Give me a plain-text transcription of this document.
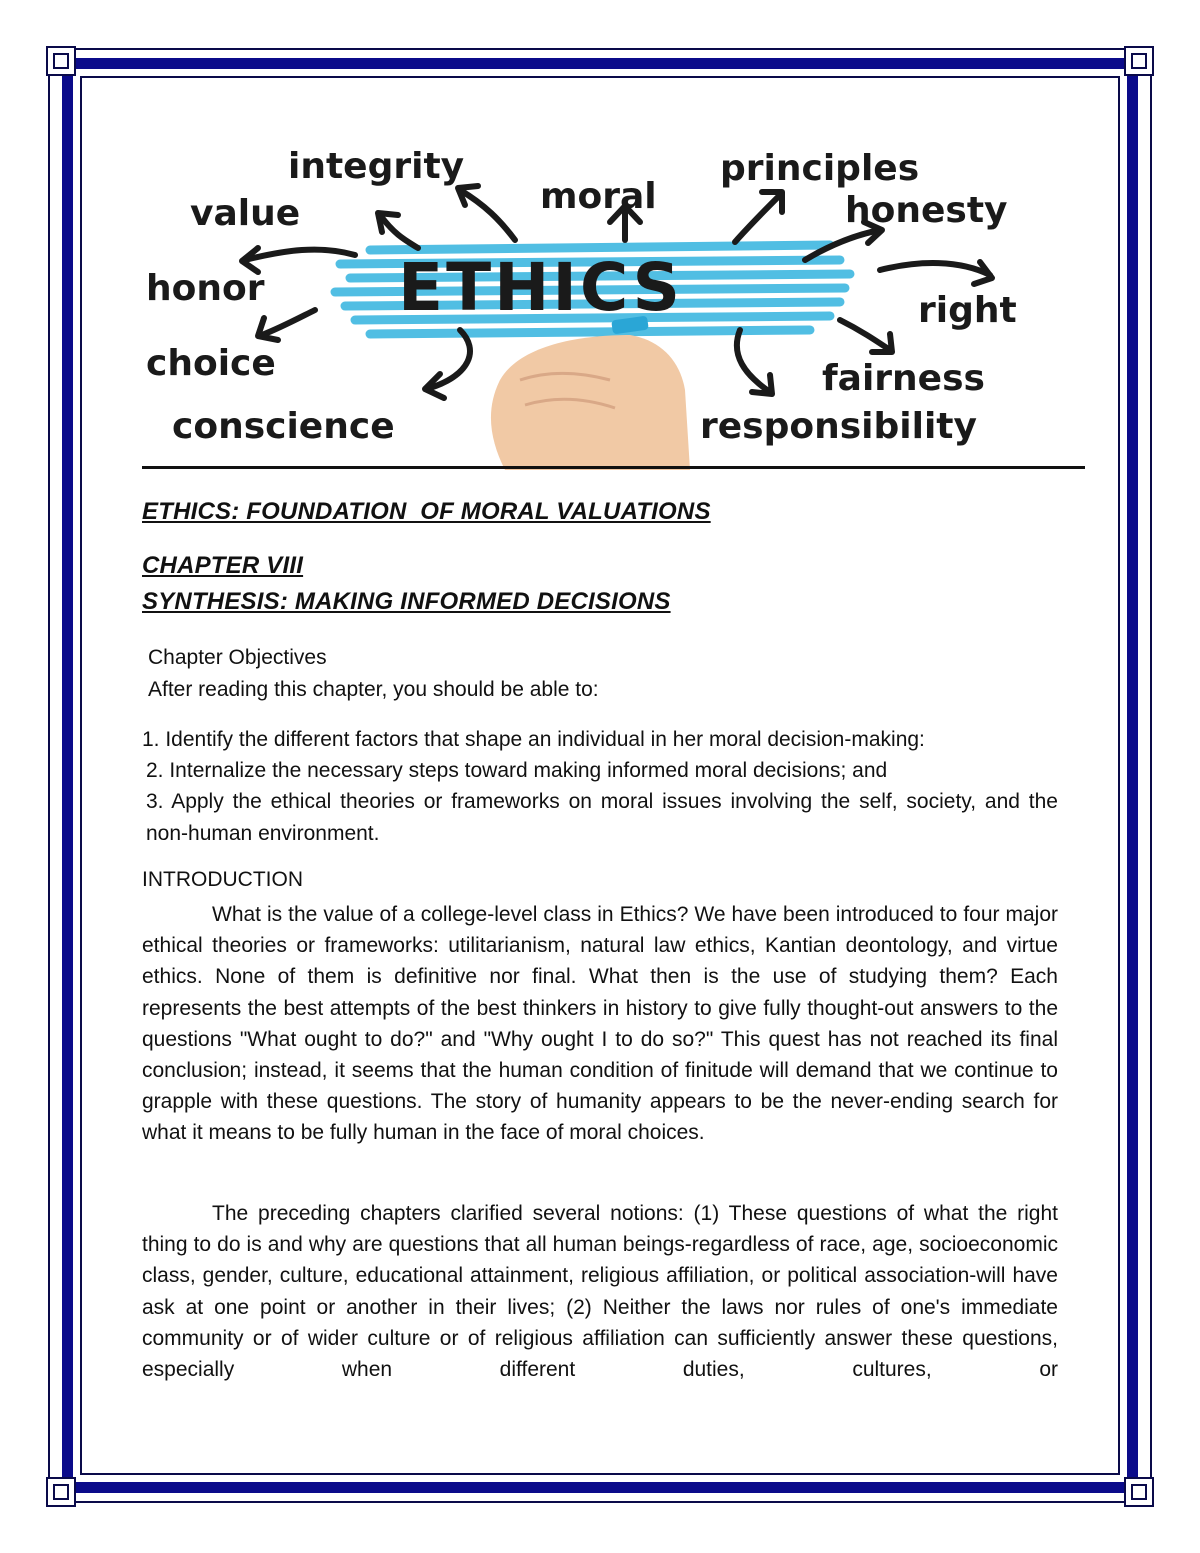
ETHICS
integrity
moral
principles
value	honesty
honor
right
choice	fairness
conscience	responsibility
ETHICS: FOUNDATION  OF MORAL VALUATIONS
CHAPTER VIII
SYNTHESIS: MAKING INFORMED DECISIONS
Chapter Objectives
After reading this chapter, you should be able to:
1. Identify the different factors that shape an individual in her moral decision-making:
2. Internalize the necessary steps toward making informed moral decisions; and
3. Apply the ethical theories or frameworks on moral issues involving the self, society, and the non-human environment.
INTRODUCTION
What is the value of a college-level class in Ethics? We have been introduced to four major ethical theories or frameworks: utilitarianism, natural law ethics, Kantian deontology, and virtue ethics. None of them is definitive nor final. What then is the use of studying them? Each represents the best attempts of the best thinkers in history to give fully thought-out answers to the questions "What ought to do?" and "Why ought I to do so?" This quest has not reached its final conclusion; instead, it seems that the human condition of finitude will demand that we continue to grapple with these questions. The story of humanity appears to be the never-ending search for what it means to be fully human in the face of moral choices.
The preceding chapters clarified several notions: (1) These questions of what the right thing to do is and why are questions that all human beings-regardless of race, age, socioeconomic class, gender, culture, educational attainment, religious affiliation, or political association-will have ask at one point or another in their lives; (2) Neither the laws nor rules of one's immediate community or of wider culture or of religious affiliation can sufficiently answer these questions, especially when different duties, cultures, or
